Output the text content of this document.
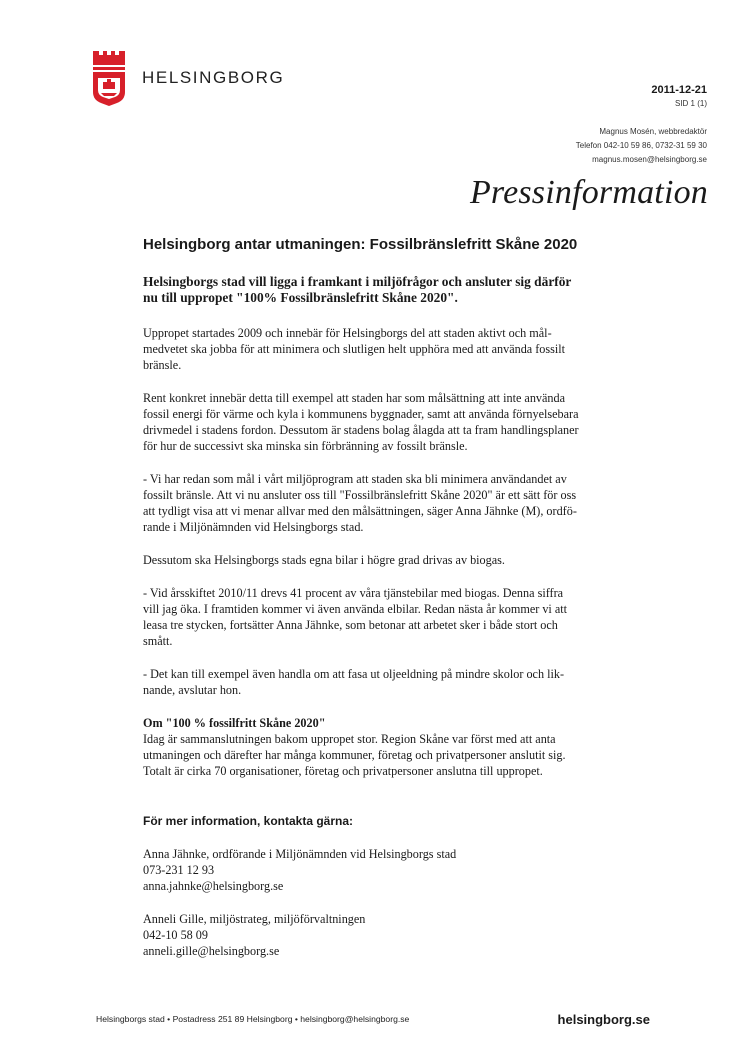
HELSINGBORG
2011-12-21
SID 1 (1)
Magnus Mosén, webbredaktör
Telefon 042-10 59 86, 0732-31 59 30
magnus.mosen@helsingborg.se
Pressinformation
Helsingborg antar utmaningen: Fossilbränslefritt Skåne 2020
Helsingborgs stad vill ligga i framkant i miljöfrågor och ansluter sig därför
nu till uppropet "100% Fossilbränslefritt Skåne 2020".
Uppropet startades 2009 och innebär för Helsingborgs del att staden aktivt och mål-
medvetet ska jobba för att minimera och slutligen helt upphöra med att använda fossilt
bränsle.
Rent konkret innebär detta till exempel att staden har som målsättning att inte använda
fossil energi för värme och kyla i kommunens byggnader, samt att använda förnyelsebara
drivmedel i stadens fordon. Dessutom är stadens bolag ålagda att ta fram handlingsplaner
för hur de successivt ska minska sin förbränning av fossilt bränsle.
- Vi har redan som mål i vårt miljöprogram att staden ska bli minimera användandet av
fossilt bränsle. Att vi nu ansluter oss till "Fossilbränslefritt Skåne 2020" är ett sätt för oss
att tydligt visa att vi menar allvar med den målsättningen, säger Anna Jähnke (M), ordfö-
rande i Miljönämnden vid Helsingborgs stad.
Dessutom ska Helsingborgs stads egna bilar i högre grad drivas av biogas.
- Vid årsskiftet 2010/11 drevs 41 procent av våra tjänstebilar med biogas. Denna siffra
vill jag öka. I framtiden kommer vi även använda elbilar. Redan nästa år kommer vi att
leasa tre stycken, fortsätter Anna Jähnke, som betonar att arbetet sker i både stort och
smått.
- Det kan till exempel även handla om att fasa ut oljeeldning på mindre skolor och lik-
nande, avslutar hon.
Om "100 % fossilfritt Skåne 2020"
Idag är sammanslutningen bakom uppropet stor. Region Skåne var först med att anta
utmaningen och därefter har många kommuner, företag och privatpersoner anslutit sig.
Totalt är cirka 70 organisationer, företag och privatpersoner anslutna till uppropet.
För mer information, kontakta gärna:
Anna Jähnke, ordförande i Miljönämnden vid Helsingborgs stad
073-231 12 93
anna.jahnke@helsingborg.se
Anneli Gille, miljöstrateg, miljöförvaltningen
042-10 58 09
anneli.gille@helsingborg.se
Helsingborgs stad • Postadress 251 89 Helsingborg • helsingborg@helsingborg.se	helsingborg.se
